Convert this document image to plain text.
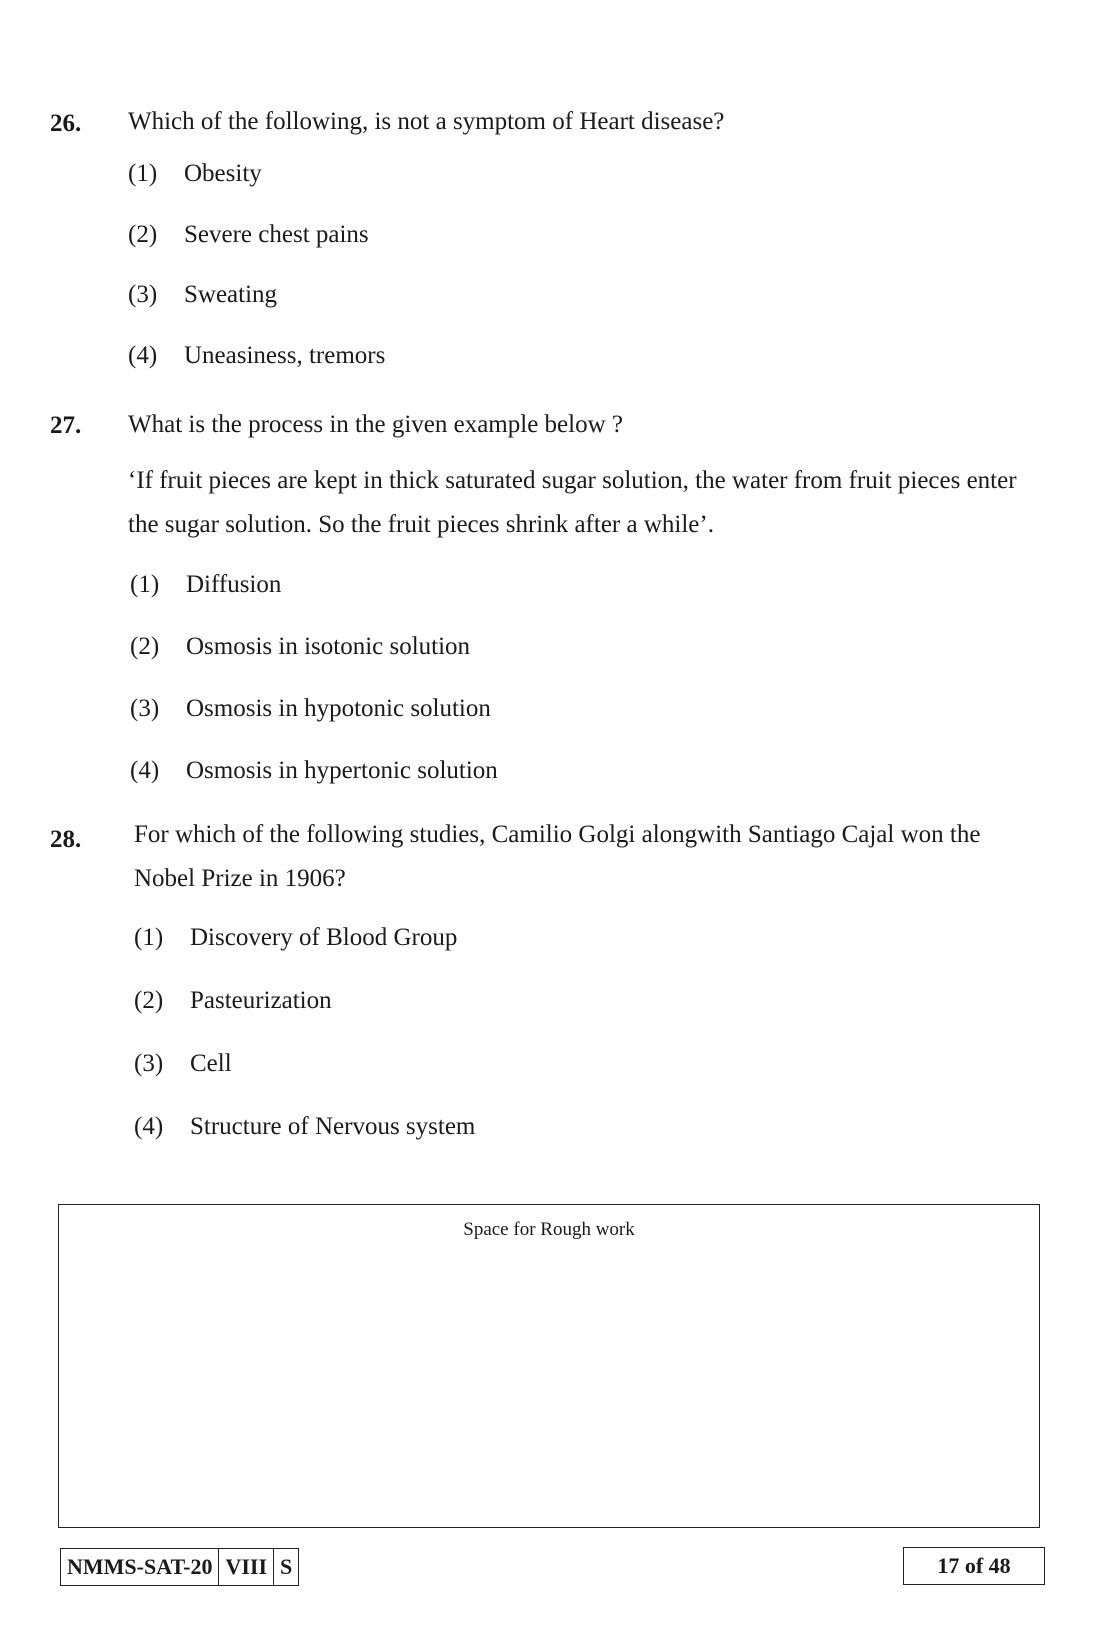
26. Which of the following, is not a symptom of Heart disease?
(1) Obesity
(2) Severe chest pains
(3) Sweating
(4) Uneasiness, tremors
27. What is the process in the given example below ?
‘If fruit pieces are kept in thick saturated sugar solution, the water from fruit pieces enter the sugar solution. So the fruit pieces shrink after a while’.
(1) Diffusion
(2) Osmosis in isotonic solution
(3) Osmosis in hypotonic solution
(4) Osmosis in hypertonic solution
28. For which of the following studies, Camilio Golgi alongwith Santiago Cajal won the Nobel Prize in 1906?
(1) Discovery of Blood Group
(2) Pasteurization
(3) Cell
(4) Structure of Nervous system
Space for Rough work
NMMS-SAT-20 VIII S	17 of 48
